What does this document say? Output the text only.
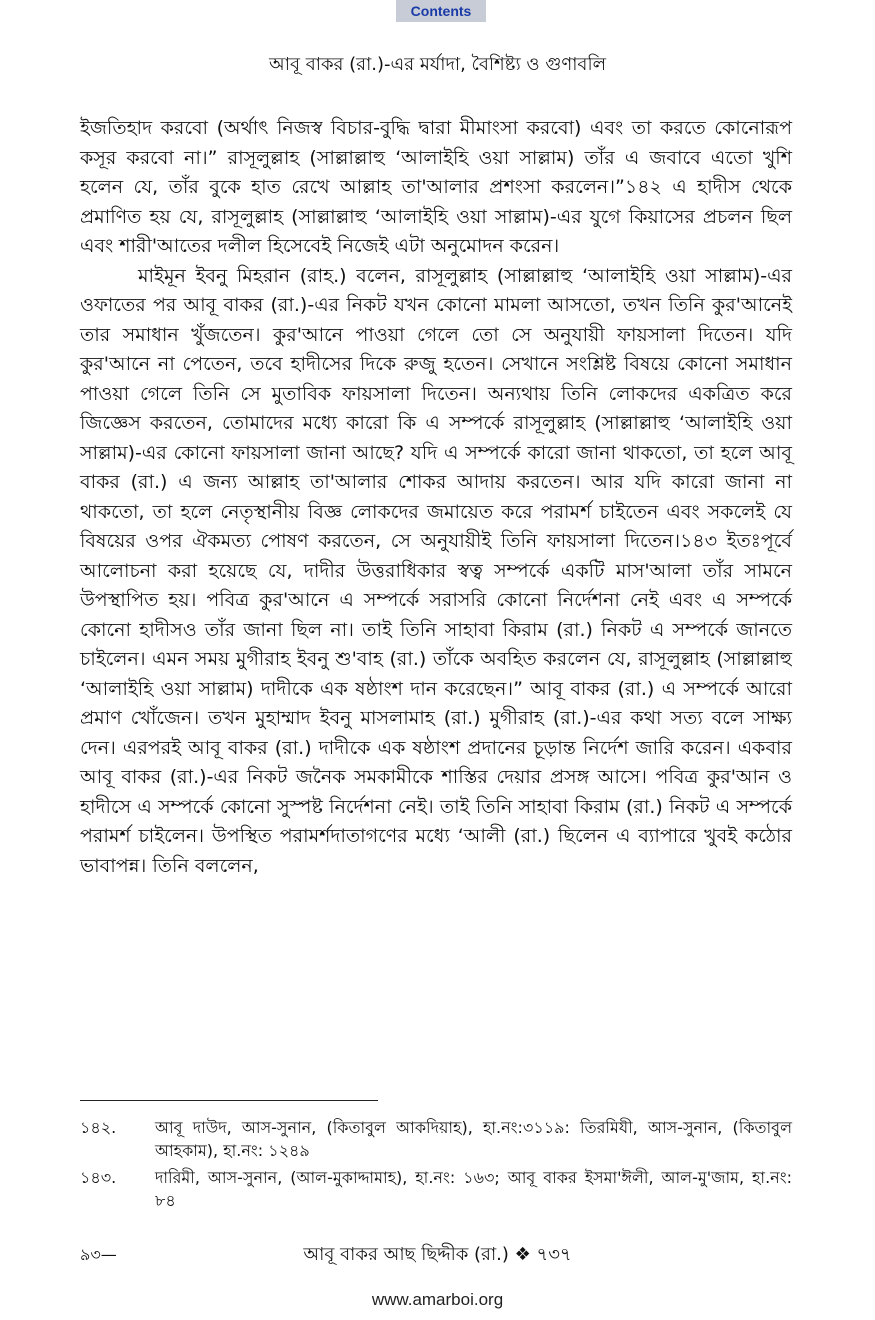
Contents
আবূ বাকর (রা.)-এর মর্যাদা, বৈশিষ্ট্য ও গুণাবলি

ইজতিহাদ করবো (অর্থাৎ নিজস্ব বিচার-বুদ্ধি দ্বারা মীমাংসা করবো) এবং তা করতে কোনোরূপ কসূর করবো না।” রাসূলুল্লাহ (সাল্লাল্লাহু ‘আলাইহি ওয়া সাল্লাম) তাঁর এ জবাবে এতো খুশি হলেন যে, তাঁর বুকে হাত রেখে আল্লাহ তা'আলার প্রশংসা করলেন।”১৪২ এ হাদীস থেকে প্রমাণিত হয় যে, রাসূলুল্লাহ (সাল্লাল্লাহু ‘আলাইহি ওয়া সাল্লাম)-এর যুগে কিয়াসের প্রচলন ছিল এবং শারী'আতের দলীল হিসেবেই নিজেই এটা অনুমোদন করেন।

মাইমূন ইবনু মিহরান (রাহ.) বলেন, রাসূলুল্লাহ (সাল্লাল্লাহু ‘আলাইহি ওয়া সাল্লাম)-এর ওফাতের পর আবূ বাকর (রা.)-এর নিকট যখন কোনো মামলা আসতো, তখন তিনি কুর'আনেই তার সমাধান খুঁজতেন। কুর'আনে পাওয়া গেলে তো সে অনুযায়ী ফায়সালা দিতেন। যদি কুর'আনে না পেতেন, তবে হাদীসের দিকে রুজু হতেন। সেখানে সংশ্লিষ্ট বিষয়ে কোনো সমাধান পাওয়া গেলে তিনি সে মুতাবিক ফায়সালা দিতেন। অন্যথায় তিনি লোকদের একত্রিত করে জিজ্ঞেস করতেন, তোমাদের মধ্যে কারো কি এ সম্পর্কে রাসূলুল্লাহ (সাল্লাল্লাহু ‘আলাইহি ওয়া সাল্লাম)-এর কোনো ফায়সালা জানা আছে? যদি এ সম্পর্কে কারো জানা থাকতো, তা হলে আবূ বাকর (রা.) এ জন্য আল্লাহ তা'আলার শোকর আদায় করতেন। আর যদি কারো জানা না থাকতো, তা হলে নেতৃস্থানীয় বিজ্ঞ লোকদের জমায়েত করে পরামর্শ চাইতেন এবং সকলেই যে বিষয়ের ওপর ঐকমত্য পোষণ করতেন, সে অনুযায়ীই তিনি ফায়সালা দিতেন।১৪৩ ইতঃপূর্বে আলোচনা করা হয়েছে যে, দাদীর উত্তরাধিকার স্বত্ব সম্পর্কে একটি মাস'আলা তাঁর সামনে উপস্থাপিত হয়। পবিত্র কুর'আনে এ সম্পর্কে সরাসরি কোনো নির্দেশনা নেই এবং এ সম্পর্কে কোনো হাদীসও তাঁর জানা ছিল না। তাই তিনি সাহাবা কিরাম (রা.) নিকট এ সম্পর্কে জানতে চাইলেন। এমন সময় মুগীরাহ ইবনু শু'বাহ (রা.) তাঁকে অবহিত করলেন যে, রাসূলুল্লাহ (সাল্লাল্লাহু ‘আলাইহি ওয়া সাল্লাম) দাদীকে এক ষষ্ঠাংশ দান করেছেন।” আবূ বাকর (রা.) এ সম্পর্কে আরো প্রমাণ খোঁজেন। তখন মুহাম্মাদ ইবনু মাসলামাহ (রা.) মুগীরাহ (রা.)-এর কথা সত্য বলে সাক্ষ্য দেন। এরপরই আবূ বাকর (রা.) দাদীকে এক ষষ্ঠাংশ প্রদানের চূড়ান্ত নির্দেশ জারি করেন। একবার আবূ বাকর (রা.)-এর নিকট জনৈক সমকামীকে শাস্তির দেয়ার প্রসঙ্গ আসে। পবিত্র কুর'আন ও হাদীসে এ সম্পর্কে কোনো সুস্পষ্ট নির্দেশনা নেই। তাই তিনি সাহাবা কিরাম (রা.) নিকট এ সম্পর্কে পরামর্শ চাইলেন। উপস্থিত পরামর্শদাতাগণের মধ্যে ‘আলী (রা.) ছিলেন এ ব্যাপারে খুবই কঠোর ভাবাপন্ন। তিনি বললেন,

১৪২.	আবূ দাউদ, আস-সুনান, (কিতাবুল আকদিয়াহ), হা.নং:৩১১৯: তিরমিযী, আস-সুনান, (কিতাবুল আহকাম), হা.নং: ১২৪৯
১৪৩.	দারিমী, আস-সুনান, (আল-মুকাদ্দামাহ), হা.নং: ১৬৩; আবূ বাকর ইসমা'ঈলী, আল-মু'জাম, হা.নং: ৮৪
৯৩—	আবূ বাকর আছ ছিদ্দীক (রা.) ❖ ৭৩৭
www.amarboi.org
